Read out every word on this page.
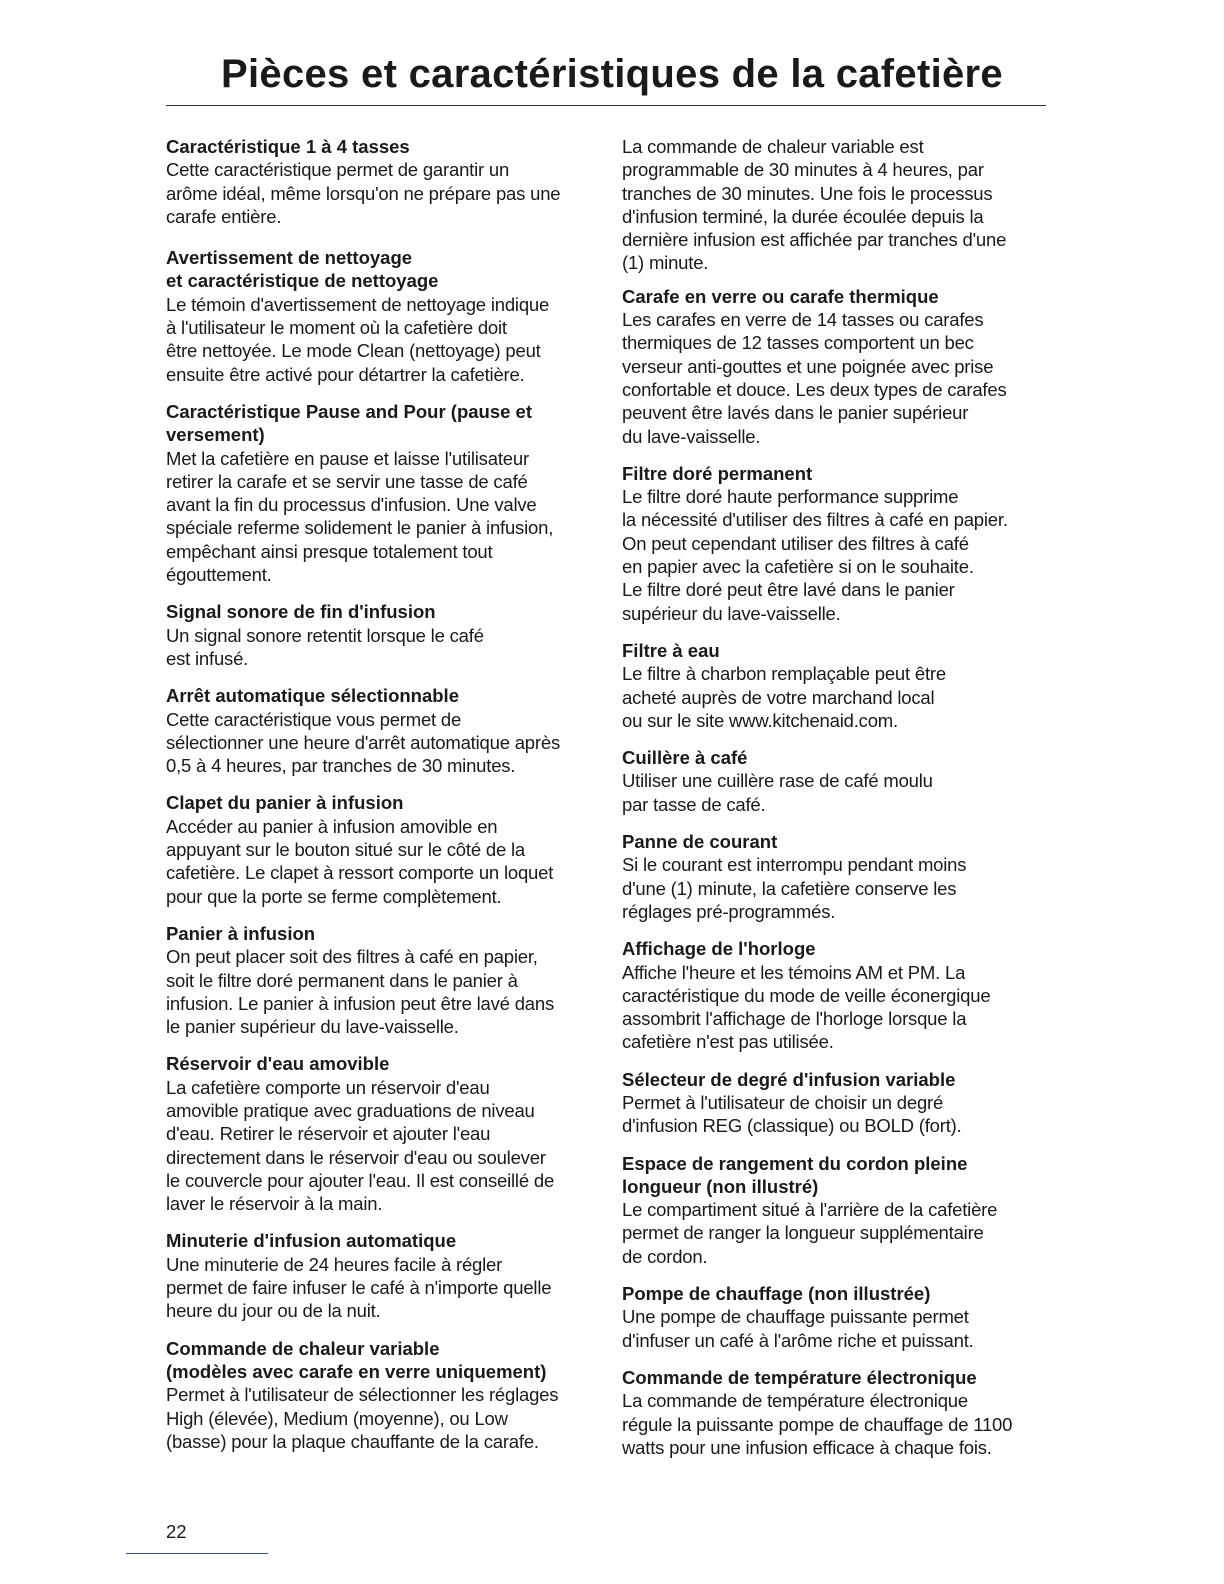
Pièces et caractéristiques de la cafetière
Caractéristique 1 à 4 tasses

Cette caractéristique permet de garantir un
arôme idéal, même lorsqu'on ne prépare pas une
carafe entière.

Avertissement de nettoyage
et caractéristique de nettoyage

Le témoin d'avertissement de nettoyage indique
à l'utilisateur le moment où la cafetière doit
être nettoyée. Le mode Clean (nettoyage) peut
ensuite être activé pour détartrer la cafetière.

Caractéristique Pause and Pour (pause et
versement)

Met la cafetière en pause et laisse l'utilisateur
retirer la carafe et se servir une tasse de café
avant la fin du processus d'infusion. Une valve
spéciale referme solidement le panier à infusion,
empêchant ainsi presque totalement tout
égouttement.

Signal sonore de fin d'infusion

Un signal sonore retentit lorsque le café
est infusé.

Arrêt automatique sélectionnable

Cette caractéristique vous permet de
sélectionner une heure d'arrêt automatique après
0,5 à 4 heures, par tranches de 30 minutes.

Clapet du panier à infusion

Accéder au panier à infusion amovible en
appuyant sur le bouton situé sur le côté de la
cafetière. Le clapet à ressort comporte un loquet
pour que la porte se ferme complètement.

Panier à infusion

On peut placer soit des filtres à café en papier,
soit le filtre doré permanent dans le panier à
infusion. Le panier à infusion peut être lavé dans
le panier supérieur du lave-vaisselle.

Réservoir d'eau amovible

La cafetière comporte un réservoir d'eau
amovible pratique avec graduations de niveau
d'eau. Retirer le réservoir et ajouter l'eau
directement dans le réservoir d'eau ou soulever
le couvercle pour ajouter l'eau. Il est conseillé de
laver le réservoir à la main.

Minuterie d'infusion automatique

Une minuterie de 24 heures facile à régler
permet de faire infuser le café à n'importe quelle
heure du jour ou de la nuit.

Commande de chaleur variable
(modèles avec carafe en verre uniquement)

Permet à l'utilisateur de sélectionner les réglages
High (élevée), Medium (moyenne), ou Low
(basse) pour la plaque chauffante de la carafe.

La commande de chaleur variable est
programmable de 30 minutes à 4 heures, par
tranches de 30 minutes. Une fois le processus
d'infusion terminé, la durée écoulée depuis la
dernière infusion est affichée par tranches d'une
(1) minute.

Carafe en verre ou carafe thermique

Les carafes en verre de 14 tasses ou carafes
thermiques de 12 tasses comportent un bec
verseur anti-gouttes et une poignée avec prise
confortable et douce. Les deux types de carafes
peuvent être lavés dans le panier supérieur
du lave-vaisselle.

Filtre doré permanent

Le filtre doré haute performance supprime
la nécessité d'utiliser des filtres à café en papier.
On peut cependant utiliser des filtres à café
en papier avec la cafetière si on le souhaite.
Le filtre doré peut être lavé dans le panier
supérieur du lave-vaisselle.

Filtre à eau

Le filtre à charbon remplaçable peut être
acheté auprès de votre marchand local
ou sur le site www.kitchenaid.com.

Cuillère à café

Utiliser une cuillère rase de café moulu
par tasse de café.

Panne de courant

Si le courant est interrompu pendant moins
d'une (1) minute, la cafetière conserve les
réglages pré-programmés.

Affichage de l'horloge

Affiche l'heure et les témoins AM et PM. La
caractéristique du mode de veille éconergique
assombrit l'affichage de l'horloge lorsque la
cafetière n'est pas utilisée.

Sélecteur de degré d'infusion variable

Permet à l'utilisateur de choisir un degré
d'infusion REG (classique) ou BOLD (fort).

Espace de rangement du cordon pleine
longueur (non illustré)

Le compartiment situé à l'arrière de la cafetière
permet de ranger la longueur supplémentaire
de cordon.

Pompe de chauffage (non illustrée)

Une pompe de chauffage puissante permet
d'infuser un café à l'arôme riche et puissant.

Commande de température électronique

La commande de température électronique
régule la puissante pompe de chauffage de 1100
watts pour une infusion efficace à chaque fois.

22
